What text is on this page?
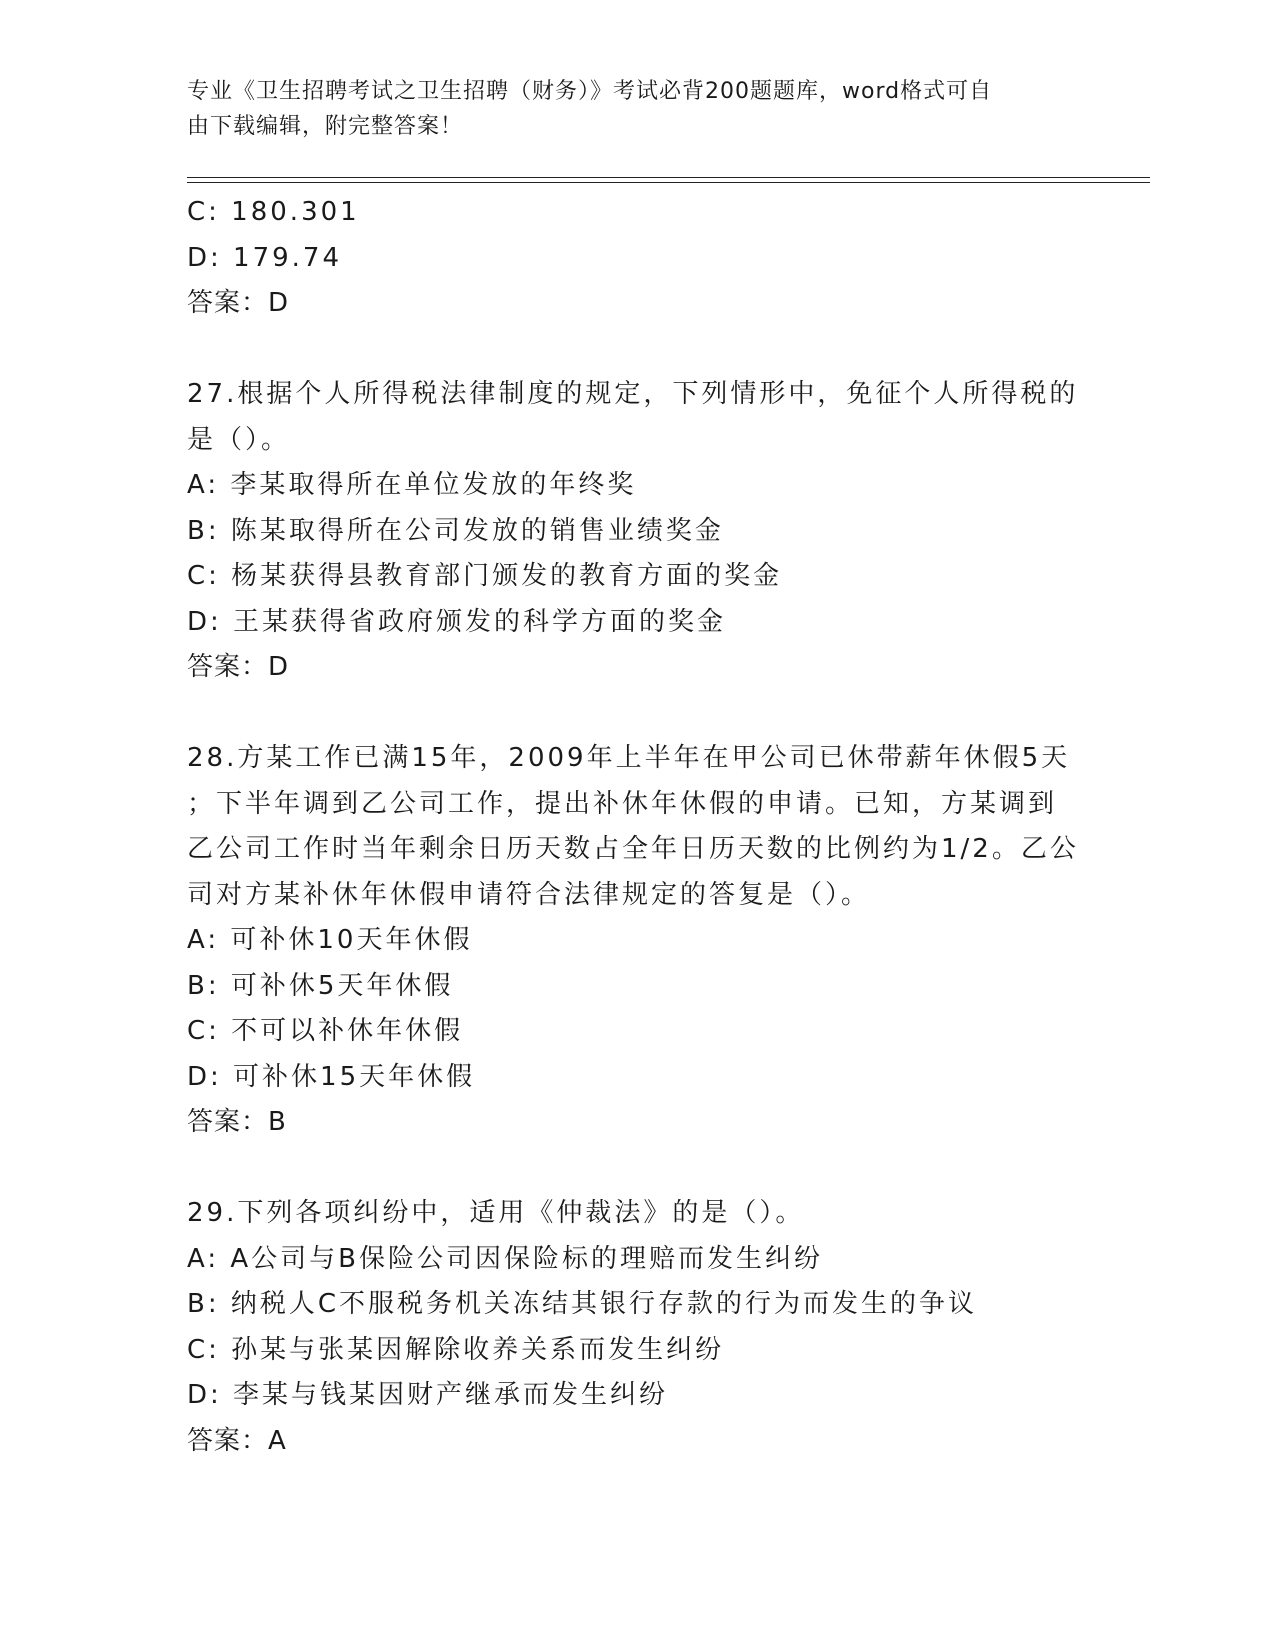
专业《卫生招聘考试之卫生招聘（财务）》考试必背200题题库，word格式可自
由下载编辑，附完整答案！
C: 180.301
D: 179.74
答案：D
27.根据个人所得税法律制度的规定，下列情形中，免征个人所得税的
是（）。
A: 李某取得所在单位发放的年终奖
B: 陈某取得所在公司发放的销售业绩奖金
C: 杨某获得县教育部门颁发的教育方面的奖金
D: 王某获得省政府颁发的科学方面的奖金
答案：D
28.方某工作已满15年，2009年上半年在甲公司已休带薪年休假5天
；下半年调到乙公司工作，提出补休年休假的申请。已知，方某调到
乙公司工作时当年剩余日历天数占全年日历天数的比例约为1/2。乙公
司对方某补休年休假申请符合法律规定的答复是（）。
A: 可补休10天年休假
B: 可补休5天年休假
C: 不可以补休年休假
D: 可补休15天年休假
答案：B
29.下列各项纠纷中，适用《仲裁法》的是（）。
A: A公司与B保险公司因保险标的理赔而发生纠纷
B: 纳税人C不服税务机关冻结其银行存款的行为而发生的争议
C: 孙某与张某因解除收养关系而发生纠纷
D: 李某与钱某因财产继承而发生纠纷
答案：A
